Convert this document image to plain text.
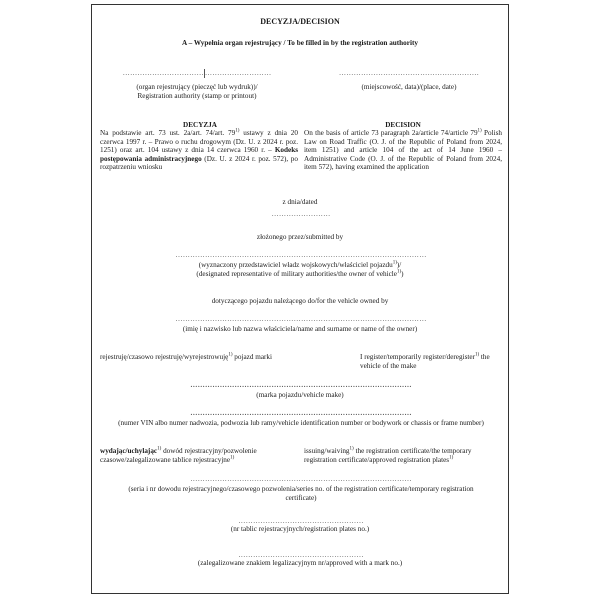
DECYZJA/DECISION
A – Wypełnia organ rejestrujący / To be filled in by the registration authority
……………………………………………………	…………………………………………………
(organ rejestrujący (pieczęć lub wydruk))/
Registration authority (stamp or printout)
(miejscowość, data)/(place, date)
DECYZJA	DECISION
Na podstawie art. 73 ust. 2a/art. 74/art. 79$^{1)}$ ustawy z dnia 20 czerwca 1997 r. – Prawo o ruchu drogowym (Dz. U. z 2024 r. poz. 1251) oraz art. 104 ustawy z dnia 14 czerwca 1960 r. – Kodeks postępowania administracyjnego (Dz. U. z 2024 r. poz. 572), po rozpatrzeniu wniosku
On the basis of article 73 paragraph 2a/article 74/article 79$^{1)}$ Polish Law on Road Traffic (O. J. of the Republic of Poland from 2024, item 1251) and article 104 of the act of 14 June 1960 – Administrative Code (O. J. of the Republic of Poland from 2024, item 572), having examined the application
z dnia/dated
……………………
złożonego przez/submitted by
…………………………………………………………………………………………
(wyznaczony przedstawiciel władz wojskowych/właściciel pojazdu$^{1)}$)/
(designated representative of military authorities/the owner of vehicle$^{1)}$)
dotyczącego pojazdu należącego do/for the vehicle owned by
…………………………………………………………………………………………
(imię i nazwisko lub nazwa właściciela/name and surname or name of the owner)
rejestruję/czasowo rejestruję/wyrejestrowuję$^{1)}$ pojazd marki	I register/temporarily register/deregister$^{1)}$ the vehicle of the make
………………………………………………………………………………
(marka pojazdu/vehicle make)
………………………………………………………………………………
(numer VIN albo numer nadwozia, podwozia lub ramy/vehicle identification number or bodywork or chassis or frame number)
wydając/uchylając$^{1)}$ dowód rejestracyjny/pozwolenie czasowe/zalegalizowane tablice rejestracyjne$^{1)}$
issuing/waiving$^{1)}$ the registration certificate/the temporary registration certificate/approved registration plates$^{1)}$
………………………………………………………………………………
(seria i nr dowodu rejestracyjnego/czasowego pozwolenia/series no. of the registration certificate/temporary registration certificate)
……………………………………………
(nr tablic rejestracyjnych/registration plates no.)
……………………………………………
(zalegalizowane znakiem legalizacyjnym nr/approved with a mark no.)
